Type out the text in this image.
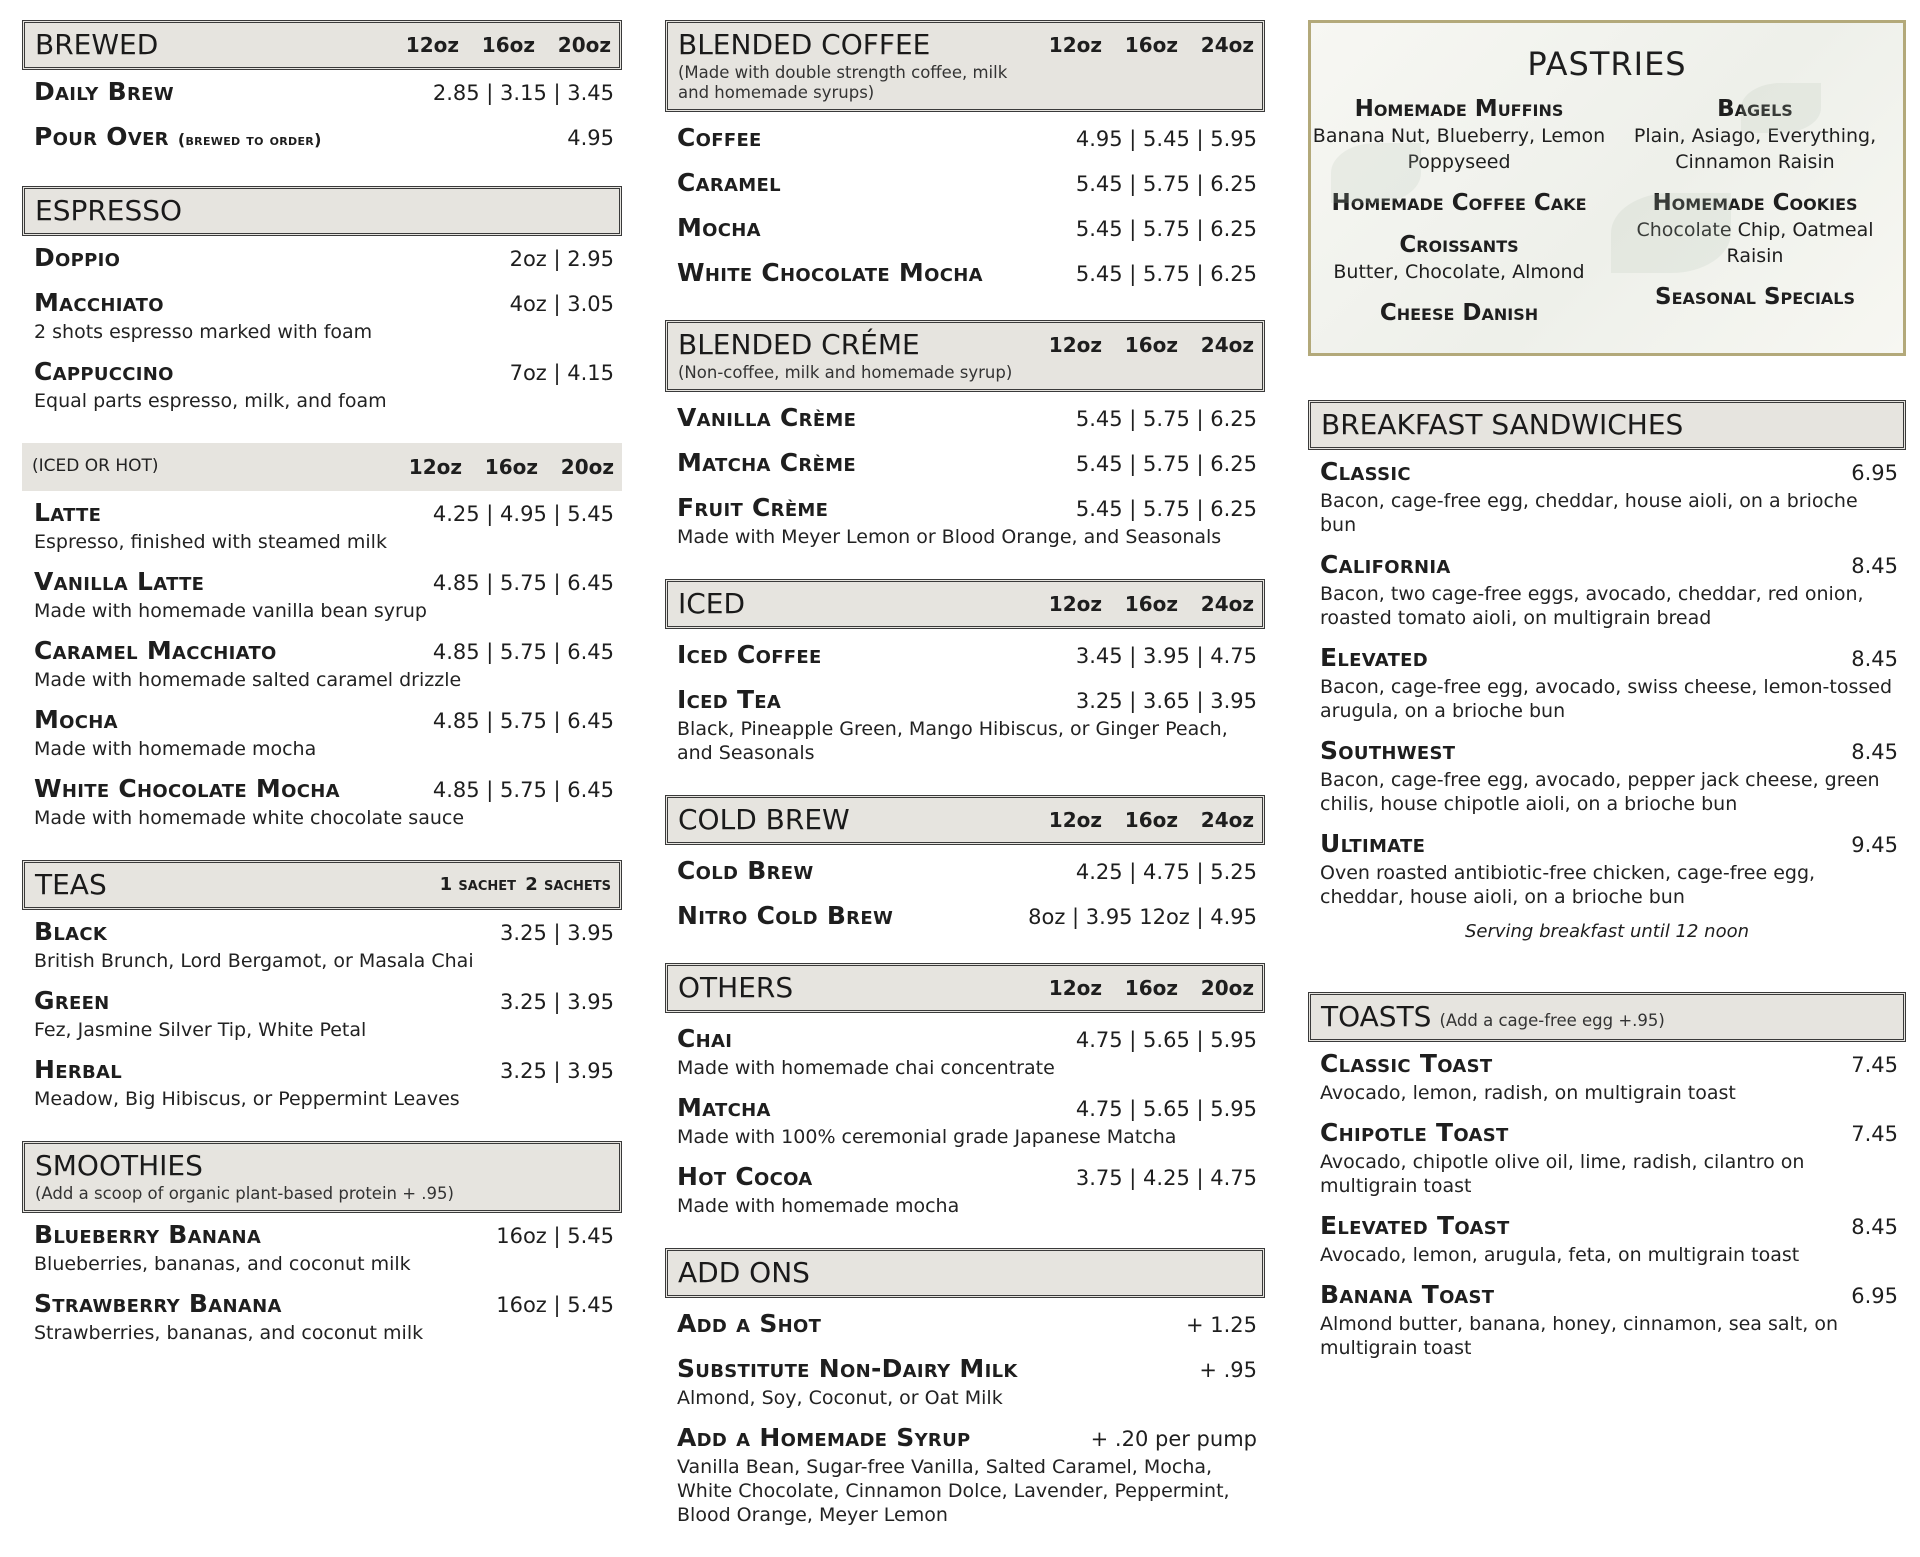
BREWED	12oz	16oz	20oz
Daily Brew	2.85 | 3.15 | 3.45
Pour Over (brewed to order)	4.95
ESPRESSO
Doppio	2oz | 2.95
Macchiato	4oz | 3.05
2 shots espresso marked with foam
Cappuccino	7oz | 4.15
Equal parts espresso, milk, and foam
(ICED OR HOT)	12oz	16oz	20oz
Latte	4.25 | 4.95 | 5.45
Espresso, finished with steamed milk
Vanilla Latte	4.85 | 5.75 | 6.45
Made with homemade vanilla bean syrup
Caramel Macchiato	4.85 | 5.75 | 6.45
Made with homemade salted caramel drizzle
Mocha	4.85 | 5.75 | 6.45
Made with homemade mocha
White Chocolate Mocha	4.85 | 5.75 | 6.45
Made with homemade white chocolate sauce
TEAS	1 sachet 2 sachets
Black	3.25 | 3.95
British Brunch, Lord Bergamot, or Masala Chai
Green	3.25 | 3.95
Fez, Jasmine Silver Tip, White Petal
Herbal	3.25 | 3.95
Meadow, Big Hibiscus, or Peppermint Leaves
SMOOTHIES
(Add a scoop of organic plant-based protein + .95)
Blueberry Banana	16oz | 5.45
Blueberries, bananas, and coconut milk
Strawberry Banana	16oz | 5.45
Strawberries, bananas, and coconut milk
BLENDED COFFEE
(Made with double strength coffee, milk and homemade syrups)
12oz	16oz	24oz
Coffee	4.95 | 5.45 | 5.95
Caramel	5.45 | 5.75 | 6.25
Mocha	5.45 | 5.75 | 6.25
White Chocolate Mocha	5.45 | 5.75 | 6.25
BLENDED CRÉME
(Non-coffee, milk and homemade syrup)
12oz	16oz	24oz
Vanilla Crème	5.45 | 5.75 | 6.25
Matcha Crème	5.45 | 5.75 | 6.25
Fruit Crème	5.45 | 5.75 | 6.25
Made with Meyer Lemon or Blood Orange, and Seasonals
ICED	12oz	16oz	24oz
Iced Coffee	3.45 | 3.95 | 4.75
Iced Tea	3.25 | 3.65 | 3.95
Black, Pineapple Green, Mango Hibiscus, or Ginger Peach, and Seasonals
COLD BREW	12oz	16oz	24oz
Cold Brew	4.25 | 4.75 | 5.25
Nitro Cold Brew	8oz | 3.95 12oz | 4.95
OTHERS	12oz	16oz	20oz
Chai	4.75 | 5.65 | 5.95
Made with homemade chai concentrate
Matcha	4.75 | 5.65 | 5.95
Made with 100% ceremonial grade Japanese Matcha
Hot Cocoa	3.75 | 4.25 | 4.75
Made with homemade mocha
ADD ONS
Add a Shot	+ 1.25
Substitute Non-Dairy Milk	+ .95
Almond, Soy, Coconut, or Oat Milk
Add a Homemade Syrup	+ .20 per pump
Vanilla Bean, Sugar-free Vanilla, Salted Caramel, Mocha, White Chocolate, Cinnamon Dolce, Lavender, Peppermint, Blood Orange, Meyer Lemon
PASTRIES
Homemade Muffins
Banana Nut, Blueberry, Lemon Poppyseed
Homemade Coffee Cake
Croissants
Butter, Chocolate, Almond
Cheese Danish
Bagels
Plain, Asiago, Everything, Cinnamon Raisin
Homemade Cookies
Chocolate Chip, Oatmeal Raisin
Seasonal Specials
BREAKFAST SANDWICHES
Classic	6.95
Bacon, cage-free egg, cheddar, house aioli, on a brioche bun
California	8.45
Bacon, two cage-free eggs, avocado, cheddar, red onion, roasted tomato aioli, on multigrain bread
Elevated	8.45
Bacon, cage-free egg, avocado, swiss cheese, lemon-tossed arugula, on a brioche bun
Southwest	8.45
Bacon, cage-free egg, avocado, pepper jack cheese, green chilis, house chipotle aioli, on a brioche bun
Ultimate	9.45
Oven roasted antibiotic-free chicken, cage-free egg, cheddar, house aioli, on a brioche bun
Serving breakfast until 12 noon
TOASTS (Add a cage-free egg +.95)
Classic Toast	7.45
Avocado, lemon, radish, on multigrain toast
Chipotle Toast	7.45
Avocado, chipotle olive oil, lime, radish, cilantro on multigrain toast
Elevated Toast	8.45
Avocado, lemon, arugula, feta, on multigrain toast
Banana Toast	6.95
Almond butter, banana, honey, cinnamon, sea salt, on multigrain toast
